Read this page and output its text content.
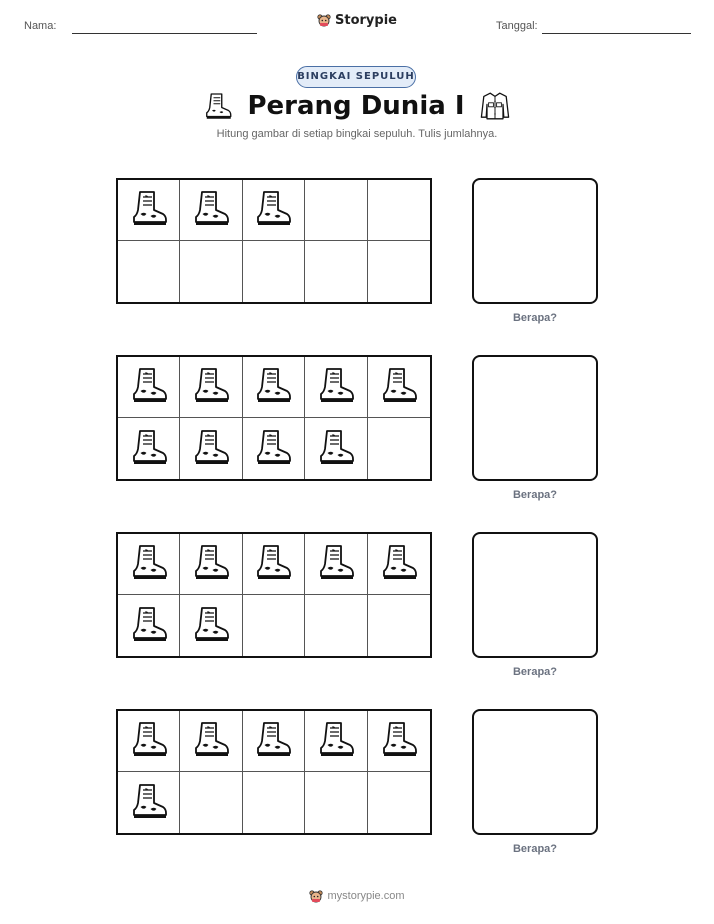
Nama:	Storypie	Tanggal:
BINGKAI SEPULUH
Perang Dunia I
Hitung gambar di setiap bingkai sepuluh. Tulis jumlahnya.
Berapa?
Berapa?
Berapa?
Berapa?
mystorypie.com
